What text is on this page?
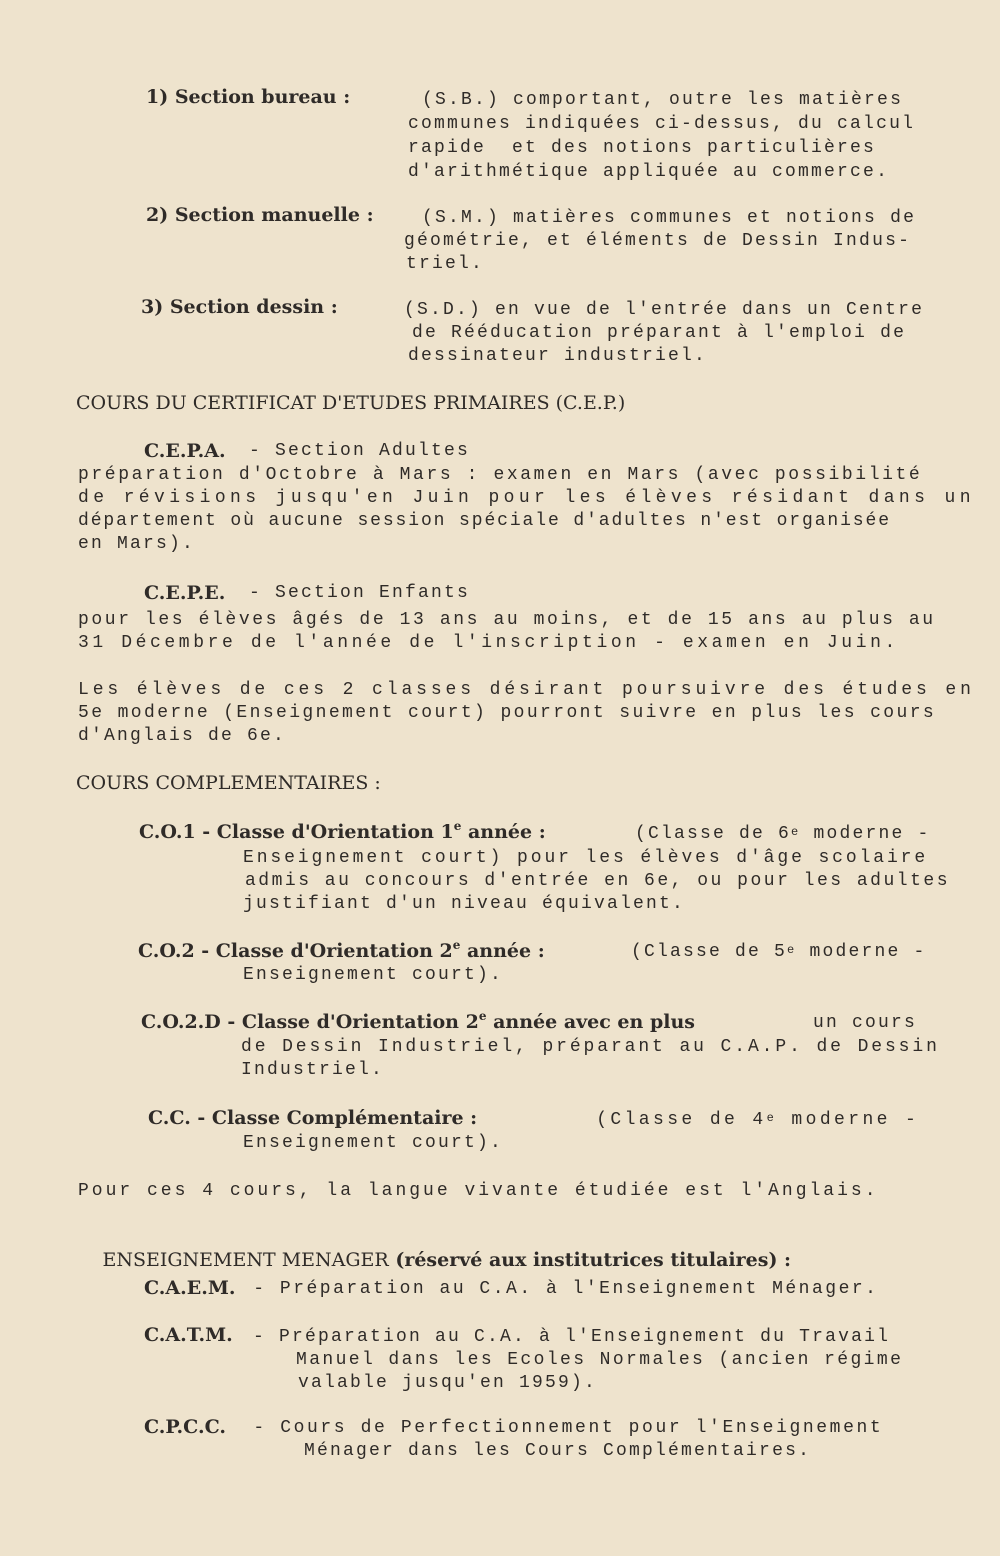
1) Section bureau :	(S.B.) comportant, outre les matières
communes indiquées ci-dessus, du calcul
rapide  et des notions particulières
d'arithmétique appliquée au commerce.
2) Section manuelle :	(S.M.) matières communes et notions de
géométrie, et éléments de Dessin Indus-
triel.
3) Section dessin :	(S.D.) en vue de l'entrée dans un Centre
de Rééducation préparant à l'emploi de
dessinateur industriel.
COURS DU CERTIFICAT D'ETUDES PRIMAIRES (C.E.P.)
C.E.P.A. - Section Adultes
préparation d'Octobre à Mars : examen en Mars (avec possibilité
de révisions jusqu'en Juin pour les élèves résidant dans un
département où aucune session spéciale d'adultes n'est organisée
en Mars).
C.E.P.E. - Section Enfants
pour les élèves âgés de 13 ans au moins, et de 15 ans au plus au
31 Décembre de l'année de l'inscription - examen en Juin.
Les élèves de ces 2 classes désirant poursuivre des études en
5e moderne (Enseignement court) pourront suivre en plus les cours
d'Anglais de 6e.
COURS COMPLEMENTAIRES :
C.O.1 - Classe d'Orientation 1e année :	(Classe de 6e moderne -
Enseignement court) pour les élèves d'âge scolaire
admis au concours d'entrée en 6e, ou pour les adultes
justifiant d'un niveau équivalent.
C.O.2 - Classe d'Orientation 2e année :	(Classe de 5e moderne -
Enseignement court).
C.O.2.D - Classe d'Orientation 2e année avec en plus	un cours
de Dessin Industriel, préparant au C.A.P. de Dessin
Industriel.
C.C. - Classe Complémentaire :	(Classe de 4e moderne -
Enseignement court).
Pour ces 4 cours, la langue vivante étudiée est l'Anglais.

ENSEIGNEMENT MENAGER (réservé aux institutrices titulaires) :

C.A.E.M. - Préparation au C.A. à l'Enseignement Ménager.
C.A.T.M. - Préparation au C.A. à l'Enseignement du Travail
Manuel dans les Ecoles Normales (ancien régime
valable jusqu'en 1959).
C.P.C.C. - Cours de Perfectionnement pour l'Enseignement
Ménager dans les Cours Complémentaires.
